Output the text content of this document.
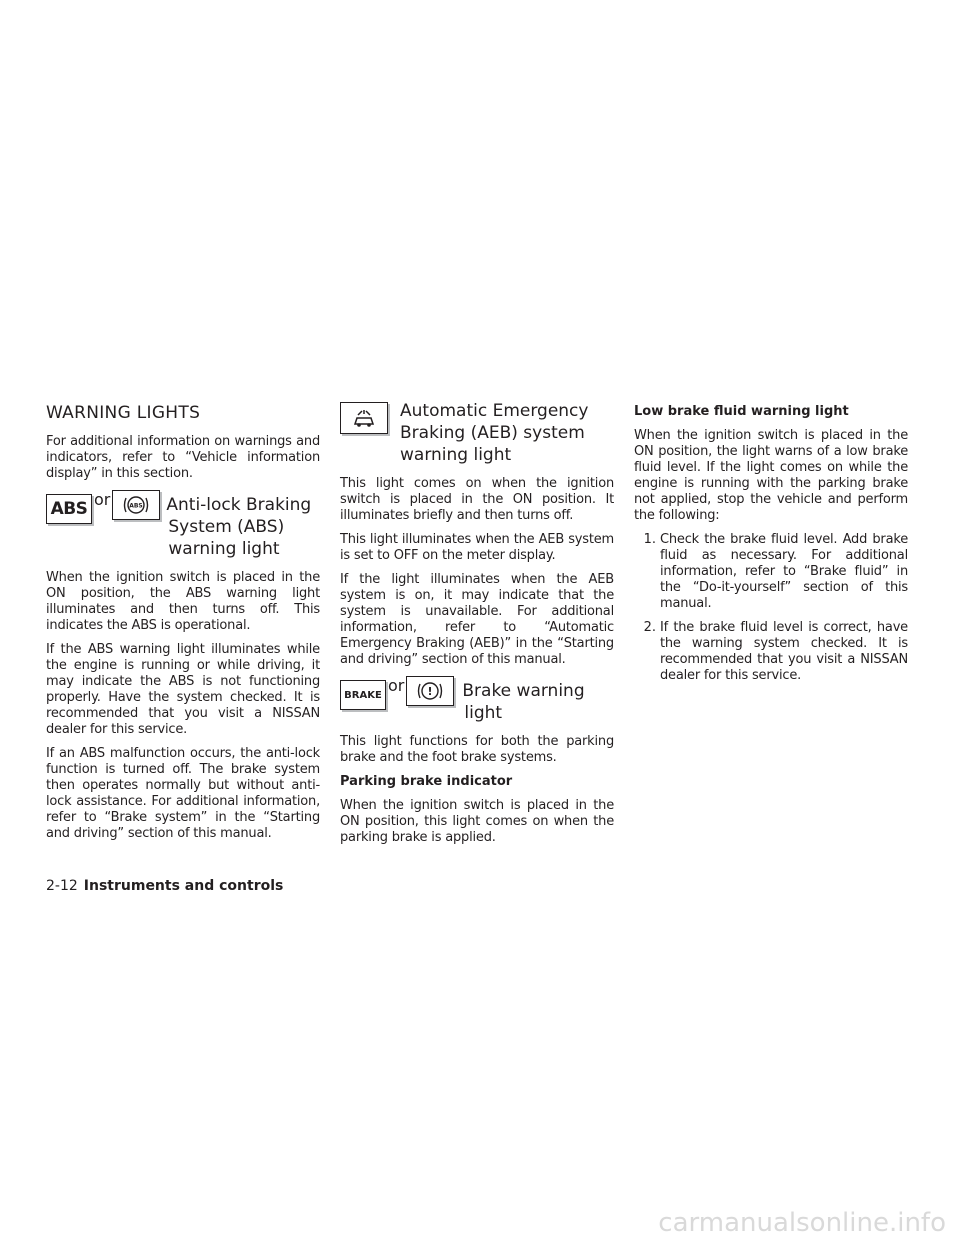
WARNING LIGHTS

For additional information on warnings and indicators, refer to “Vehicle information display” in this section.

ABS or	ABS Anti-lock Braking
System (ABS)
warning light

When the ignition switch is placed in the ON position, the ABS warning light illuminates and then turns off. This indicates the ABS is operational.

If the ABS warning light illuminates while the engine is running or while driving, it may indicate the ABS is not functioning properly. Have the system checked. It is recommended that you visit a NISSAN dealer for this service.

If an ABS malfunction occurs, the anti-lock function is turned off. The brake system then operates normally but without anti-lock assistance. For additional information, refer to “Brake system” in the “Starting and driving” section of this manual.

Automatic Emergency
Braking (AEB) system
warning light

This light comes on when the ignition switch is placed in the ON position. It illuminates briefly and then turns off.

This light illuminates when the AEB system is set to OFF on the meter display.

If the light illuminates when the AEB system is on, it may indicate that the system is unavailable. For additional information, refer to “Automatic Emergency Braking (AEB)” in the “Starting and driving” section of this manual.

BRAKE or ! Brake warning
light

This light functions for both the parking brake and the foot brake systems.

Parking brake indicator

When the ignition switch is placed in the ON position, this light comes on when the parking brake is applied.

Low brake fluid warning light

When the ignition switch is placed in the ON position, the light warns of a low brake fluid level. If the light comes on while the engine is running with the parking brake not applied, stop the vehicle and perform the following:

1. Check the brake fluid level. Add brake fluid as necessary. For additional information, refer to “Brake fluid” in the “Do-it-yourself” section of this manual.
2. If the brake fluid level is correct, have the warning system checked. It is recommended that you visit a NISSAN dealer for this service.
2-12 Instruments and controls
carmanualsonline.info
